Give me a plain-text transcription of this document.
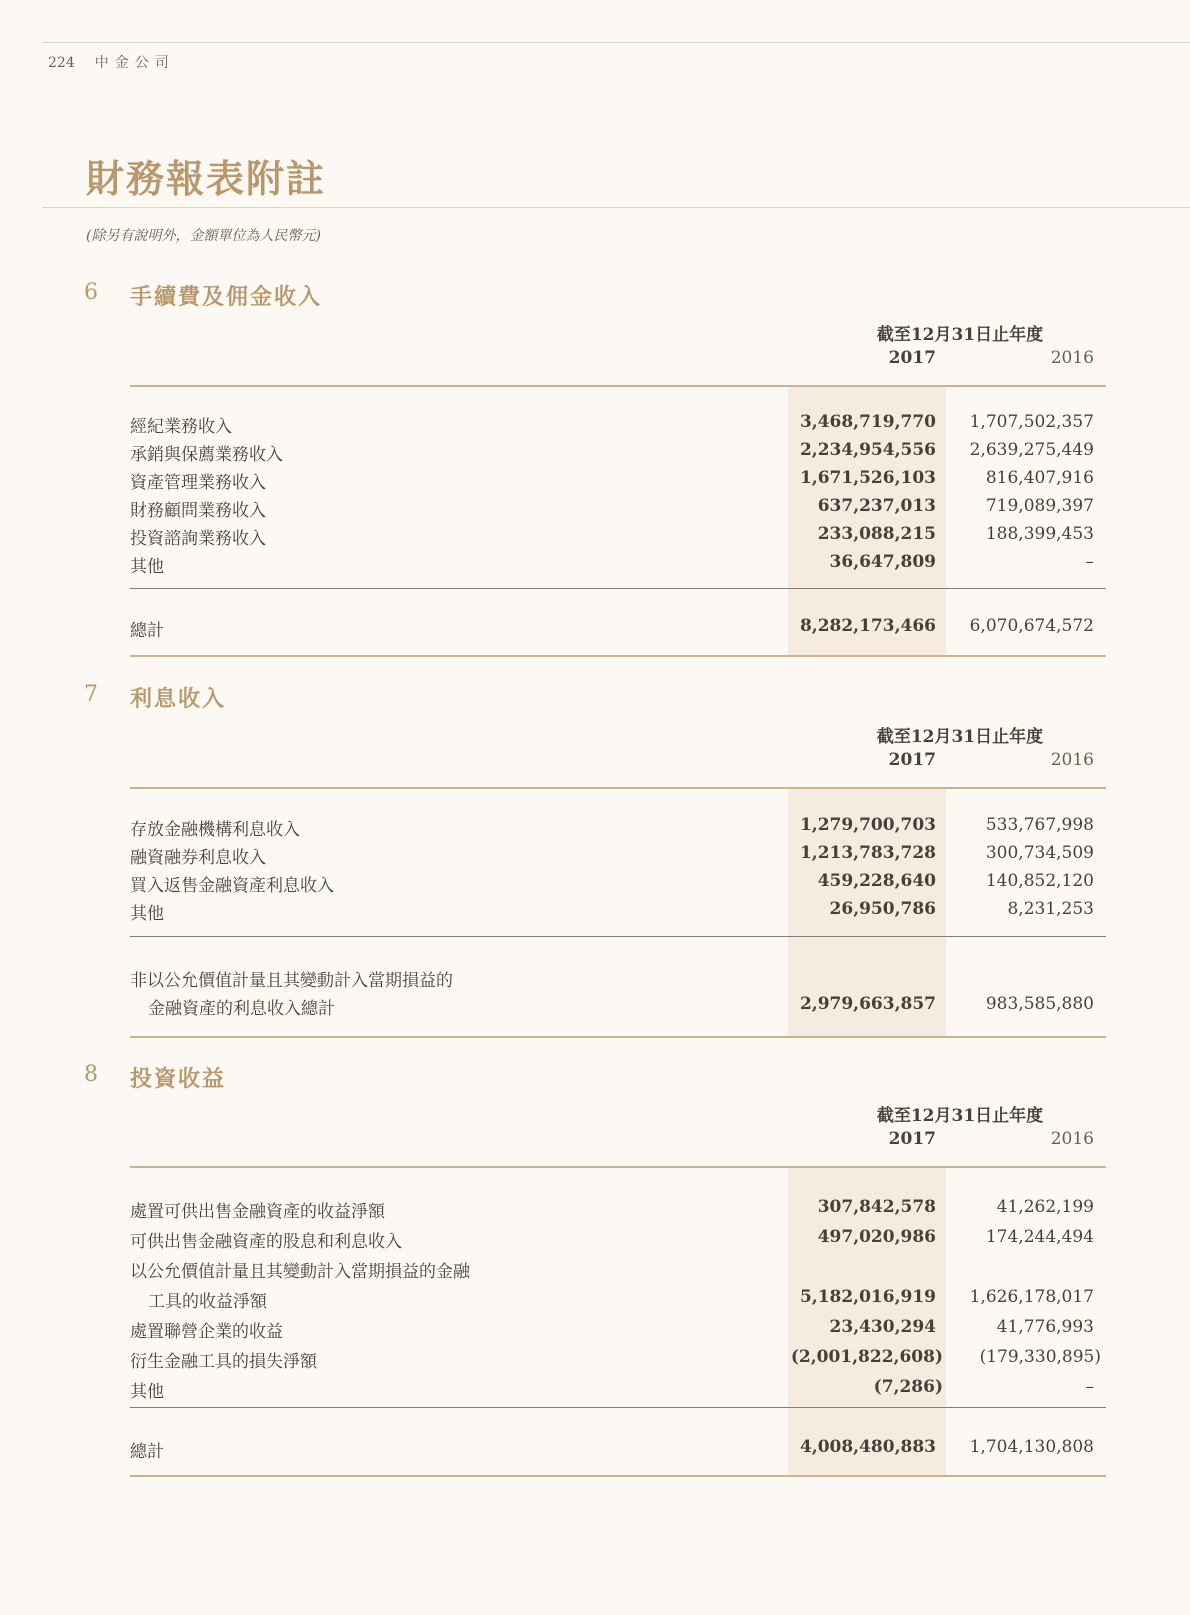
224 中金公司
財務報表附註
(除另有說明外，金額單位為人民幣元)
6 手續費及佣金收入
截至12月31日止年度
2017	2016
經紀業務收入	3,468,719,770 1,707,502,357
承銷與保薦業務收入	2,234,954,556 2,639,275,449
資產管理業務收入	1,671,526,103	816,407,916
財務顧問業務收入	637,237,013	719,089,397
投資諮詢業務收入	233,088,215	188,399,453
其他	36,647,809	–
總計	8,282,173,466 6,070,674,572
7 利息收入
截至12月31日止年度
2017	2016
存放金融機構利息收入	1,279,700,703	533,767,998
融資融券利息收入	1,213,783,728	300,734,509
買入返售金融資產利息收入	459,228,640	140,852,120
其他	26,950,786	8,231,253
非以公允價值計量且其變動計入當期損益的
金融資產的利息收入總計	2,979,663,857	983,585,880
8 投資收益
截至12月31日止年度
2017	2016
處置可供出售金融資產的收益淨額	307,842,578	41,262,199
可供出售金融資產的股息和利息收入	497,020,986	174,244,494
以公允價值計量且其變動計入當期損益的金融
工具的收益淨額	5,182,016,919 1,626,178,017
處置聯營企業的收益	23,430,294	41,776,993
衍生金融工具的損失淨額	(2,001,822,608) (179,330,895)
其他	(7,286)	–
總計	4,008,480,883 1,704,130,808
